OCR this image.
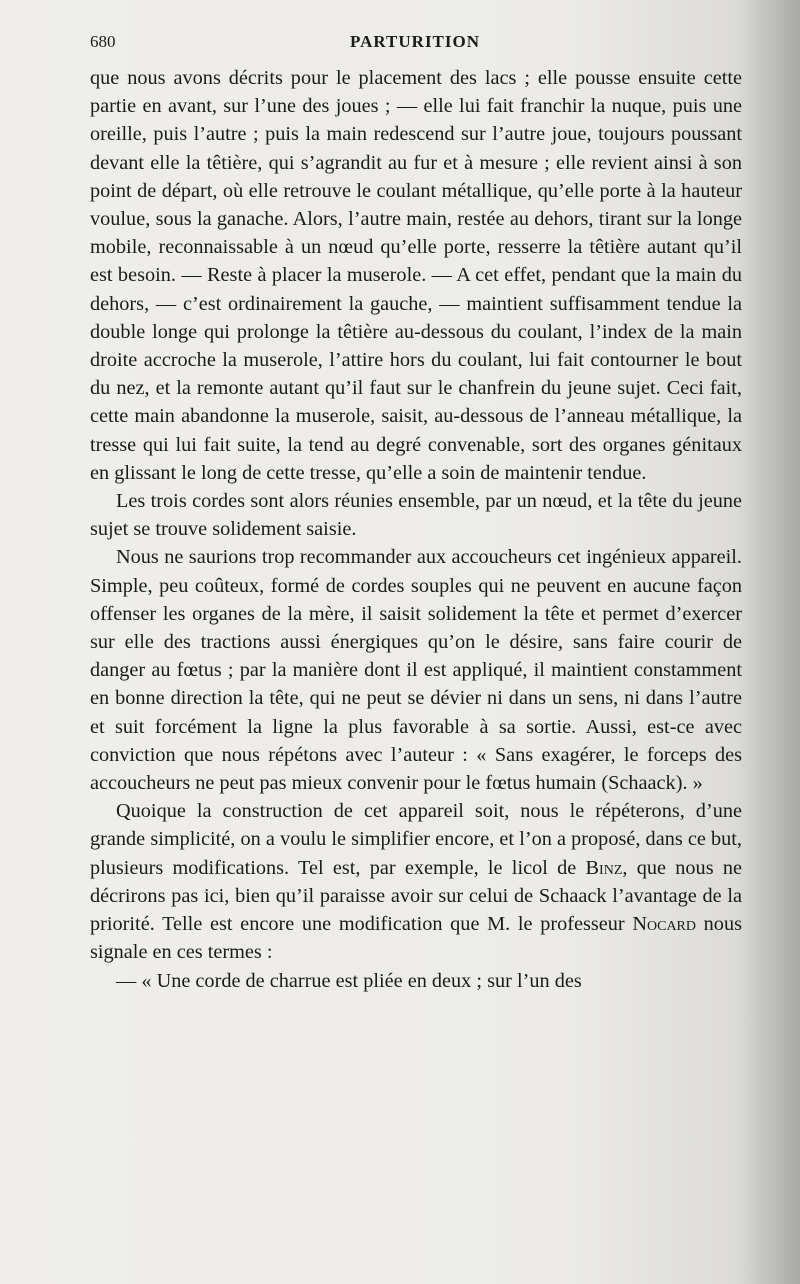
680	PARTURITION

que nous avons décrits pour le placement des lacs ; elle pousse ensuite cette partie en avant, sur l’une des joues ; — elle lui fait franchir la nuque, puis une oreille, puis l’autre ; puis la main redescend sur l’autre joue, toujours poussant devant elle la têtière, qui s’agrandit au fur et à mesure ; elle revient ainsi à son point de départ, où elle retrouve le coulant métallique, qu’elle porte à la hauteur voulue, sous la ganache. Alors, l’autre main, restée au dehors, tirant sur la longe mobile, reconnaissable à un nœud qu’elle porte, resserre la têtière autant qu’il est besoin. — Reste à placer la muserole. — A cet effet, pendant que la main du dehors, — c’est ordinairement la gauche, — maintient suffisamment tendue la double longe qui prolonge la têtière au-dessous du coulant, l’index de la main droite accroche la muserole, l’attire hors du coulant, lui fait contourner le bout du nez, et la remonte autant qu’il faut sur le chanfrein du jeune sujet. Ceci fait, cette main abandonne la muserole, saisit, au-dessous de l’anneau métallique, la tresse qui lui fait suite, la tend au degré convenable, sort des organes génitaux en glissant le long de cette tresse, qu’elle a soin de maintenir tendue.

Les trois cordes sont alors réunies ensemble, par un nœud, et la tête du jeune sujet se trouve solidement saisie.

Nous ne saurions trop recommander aux accoucheurs cet ingénieux appareil. Simple, peu coûteux, formé de cordes souples qui ne peuvent en aucune façon offenser les organes de la mère, il saisit solidement la tête et permet d’exercer sur elle des tractions aussi énergiques qu’on le désire, sans faire courir de danger au fœtus ; par la manière dont il est appliqué, il maintient constamment en bonne direction la tête, qui ne peut se dévier ni dans un sens, ni dans l’autre et suit forcément la ligne la plus favorable à sa sortie. Aussi, est-ce avec conviction que nous répétons avec l’auteur : « Sans exagérer, le forceps des accoucheurs ne peut pas mieux convenir pour le fœtus humain (Schaack). »

Quoique la construction de cet appareil soit, nous le répéterons, d’une grande simplicité, on a voulu le simplifier encore, et l’on a proposé, dans ce but, plusieurs modifications. Tel est, par exemple, le licol de Binz, que nous ne décrirons pas ici, bien qu’il paraisse avoir sur celui de Schaack l’avantage de la priorité. Telle est encore une modification que M. le professeur Nocard nous signale en ces termes :

— « Une corde de charrue est pliée en deux ; sur l’un des
